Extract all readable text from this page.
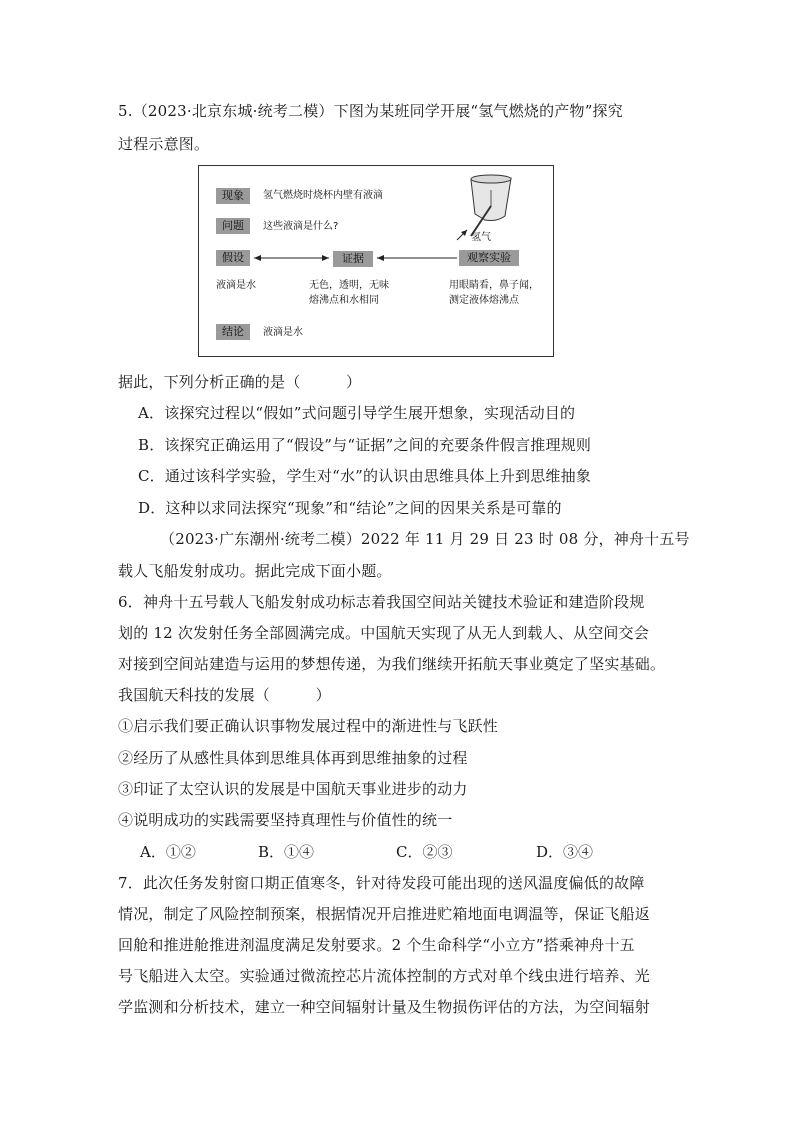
5.（2023·北京东城·统考二模）下图为某班同学开展“氢气燃烧的产物”探究
过程示意图。
现象	氢气燃烧时烧杯内壁有液滴
问题	这些液滴是什么?
假设	证据	观察实验
氢气
液滴是水	无色，透明，无味
熔沸点和水相同
用眼睛看，鼻子闻，
测定液体熔沸点
结论	液滴是水
据此，下列分析正确的是（　　　）
A．该探究过程以“假如”式问题引导学生展开想象，实现活动目的
B．该探究正确运用了“假设”与“证据”之间的充要条件假言推理规则
C．通过该科学实验，学生对“水”的认识由思维具体上升到思维抽象
D．这种以求同法探究“现象”和“结论”之间的因果关系是可靠的
（2023·广东潮州·统考二模）2022 年 11 月 29 日 23 时 08 分，神舟十五号
载人飞船发射成功。据此完成下面小题。
6．神舟十五号载人飞船发射成功标志着我国空间站关键技术验证和建造阶段规
划的 12 次发射任务全部圆满完成。中国航天实现了从无人到载人、从空间交会
对接到空间站建造与运用的梦想传递，为我们继续开拓航天事业奠定了坚实基础。
我国航天科技的发展（　　　）
①启示我们要正确认识事物发展过程中的渐进性与飞跃性
②经历了从感性具体到思维具体再到思维抽象的过程
③印证了太空认识的发展是中国航天事业进步的动力
④说明成功的实践需要坚持真理性与价值性的统一
A．①②	B．①④	C．②③	D．③④
7．此次任务发射窗口期正值寒冬，针对待发段可能出现的送风温度偏低的故障
情况，制定了风险控制预案，根据情况开启推进贮箱地面电调温等，保证飞船返
回舱和推进舱推进剂温度满足发射要求。2 个生命科学“小立方”搭乘神舟十五
号飞船进入太空。实验通过微流控芯片流体控制的方式对单个线虫进行培养、光
学监测和分析技术，建立一种空间辐射计量及生物损伤评估的方法，为空间辐射
